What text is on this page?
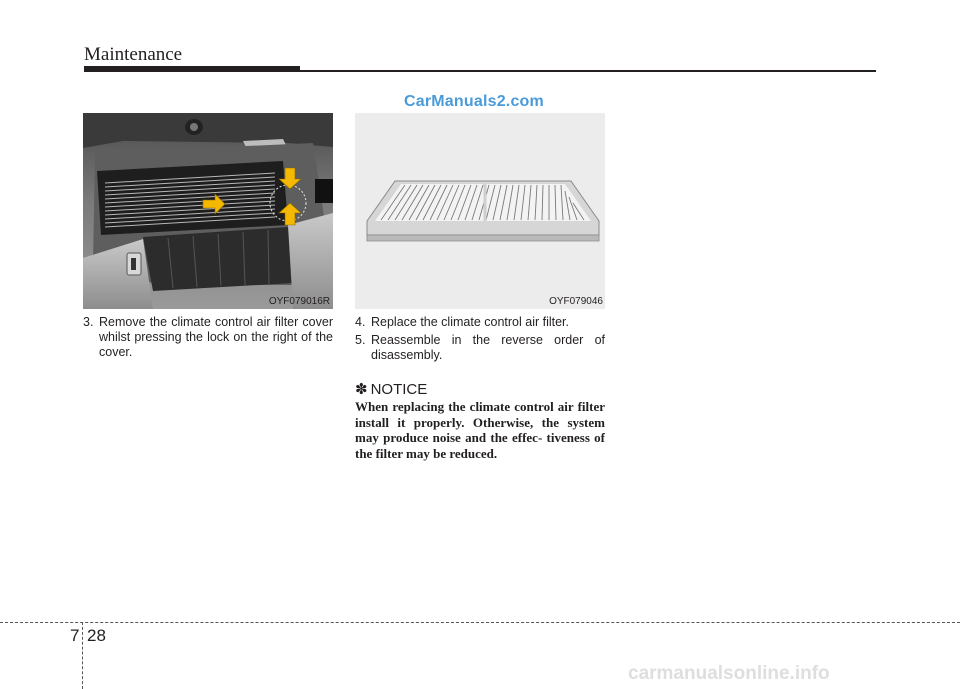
Maintenance
CarManuals2.com
OYF079016R	OYF079046
3. Remove the climate control air filter cover whilst pressing the lock on the right of the cover.
4. Replace the climate control air filter.
5. Reassemble in the reverse order of disassembly.
✽ NOTICE
When replacing the climate control air filter install it properly. Otherwise, the system may produce noise and the effec- tiveness of the filter may be reduced.
7 28
carmanualsonline.info
